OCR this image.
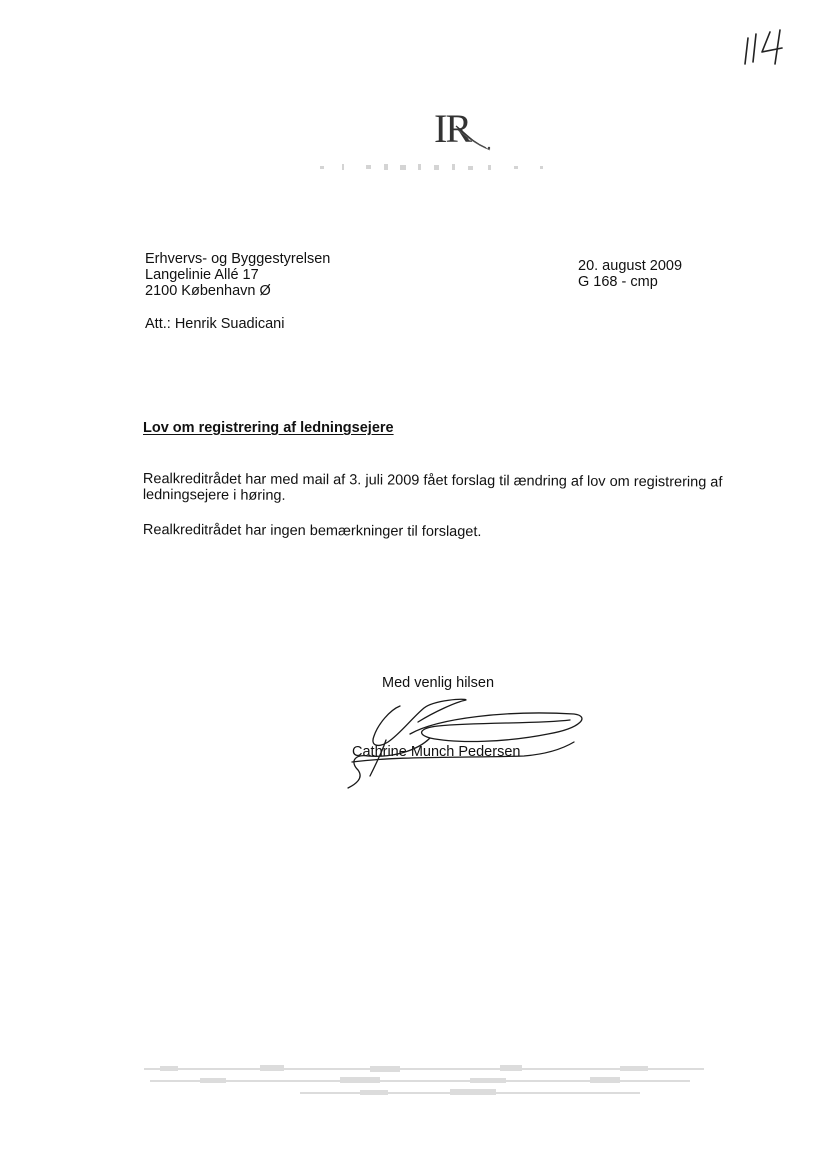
IR
Erhvervs- og Byggestyrelsen
Langelinie Allé 17
2100 København Ø
20. august 2009
G 168 - cmp
Att.: Henrik Suadicani
Lov om registrering af ledningsejere
Realkreditrådet har med mail af 3. juli 2009 fået forslag til ændring af lov om registrering af
ledningsejere i høring.
Realkreditrådet har ingen bemærkninger til forslaget.
Med venlig hilsen
Cathrine Munch Pedersen
